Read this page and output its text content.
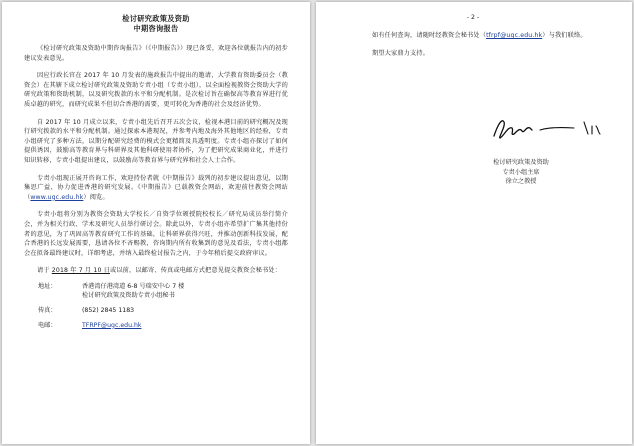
检讨研究政策及资助
中期咨询报告

《检讨研究政策及资助中期咨询报告》（《中期报告》）现已备妥，欢迎各位就报告内的初步建议发表意见。

因应行政长官在 2017 年 10 月发表的施政报告中提出的邀请，大学教育资助委员会（教资会）在其辖下成立检讨研究政策及资助专责小组（专责小组），以全面检视教资会资助大学的研究政策和资助机制，以及研究拨款的水平和分配机制。是次检讨旨在确保高等教育界进行优质卓越的研究，而研究成果不但切合香港的需要，更可转化为香港的社会及经济优势。

自 2017 年 10 月成立以来，专责小组先后召开五次会议，检视本港目前的研究概况及现行研究拨款的水平和分配机制。通过探索本港现况，并参考内地及海外其他地区的经验，专责小组研究了多种方法，以期分配研究经费的模式会更精简及具透明度。专责小组亦探讨了如何提供诱因，鼓励高等教育界与科研界及其他科研使用者协作，为了把研究成果商业化，并进行知识转移，专责小组提出建议，以鼓励高等教育界与研究界和社会人士合作。

专责小组现正展开咨询工作，欢迎持份者就《中期报告》载列的初步建议提出意见，以期集思广益，协力促进香港的研究发展。《中期报告》已载教资会网站，欢迎前往教资会网站（www.ugc.edu.hk）阅览。

专责小组将分别为教资会资助大学校长／自资学位颁授院校校长／研究局成员举行简介会，并为相关行政、学术及研究人员举行研讨会。除此以外，专责小组亦希望扩广集其他持份者的意见，为了巩固高等教育研究工作的基础，让科研界获得兴旺，并推动创新科技发展，配合香港的长远发展需要，恳请各位不吝赐教，咨询期内所有收集到的意见及看法，专责小组都会在拟备最终建议时，详细考虑，并纳入最终检讨报告之内，于今年稍后提交政府审议。

请于 2018 年 7 月 10 日或以前，以邮寄、传真或电邮方式把意见提交教资会秘书处：

地址：	香港湾仔港湾道 6-8 号瑞安中心 7 楼
检讨研究政策及资助专责小组秘书
传真：	(852) 2845 1183
电邮：	TFRPF@ugc.edu.hk
- 2 -

如有任何查询，请随时经教资会秘书处（tfrpf@ugc.edu.hk）与我们联络。

期望大家鼎力支持。

检讨研究政策及资助
专责小组主席
徐立之教授
